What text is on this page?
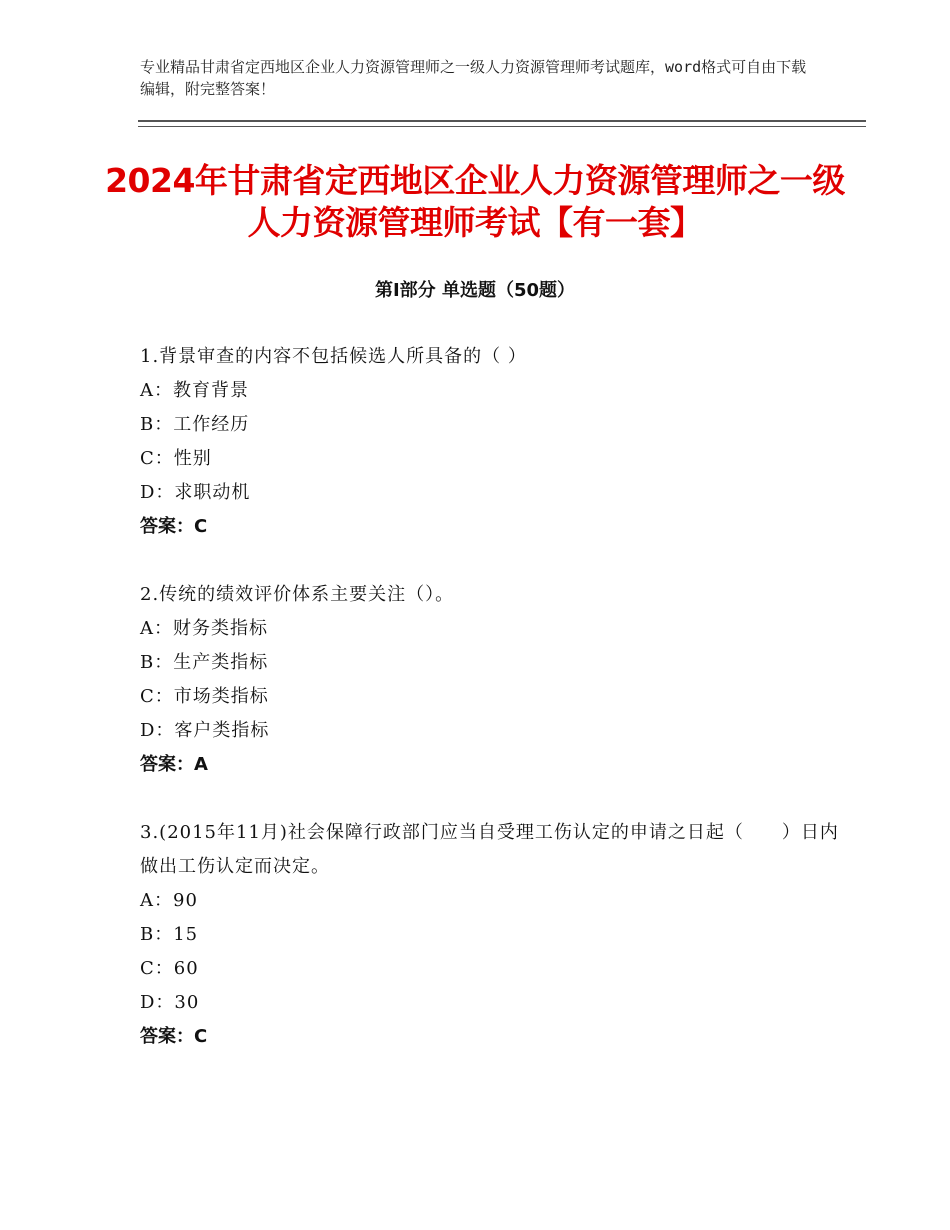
专业精品甘肃省定西地区企业人力资源管理师之一级人力资源管理师考试题库，word格式可自由下载编辑，附完整答案！
2024年甘肃省定西地区企业人力资源管理师之一级人力资源管理师考试【有一套】
第I部分 单选题（50题）
1.背景审查的内容不包括候选人所具备的（ ）
A：教育背景
B：工作经历
C：性别
D：求职动机
答案：C
2.传统的绩效评价体系主要关注（）。
A：财务类指标
B：生产类指标
C：市场类指标
D：客户类指标
答案：A
3.(2015年11月)社会保障行政部门应当自受理工伤认定的申请之日起（　　）日内做出工伤认定而决定。
A：90
B：15
C：60
D：30
答案：C
